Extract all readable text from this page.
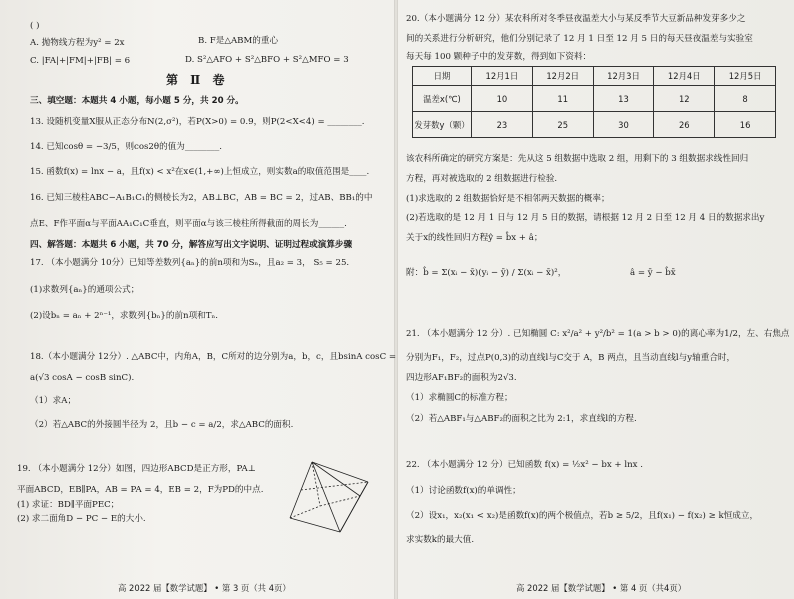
( )
A. 抛物线方程为y² = 2x	B. F是△ABM的重心
C. |FA|+|FM|+|FB| = 6	D. S²△AFO + S²△BFO + S²△MFO = 3
第 Ⅱ 卷
三、填空题：本题共 4 小题，每小题 5 分，共 20 分。
13. 设随机变量X服从正态分布N(2,σ²)，若P(X>0) = 0.9，则P(2<X<4) = ________.
14. 已知cosθ = −3/5，则cos2θ的值为________.
15. 函数f(x) = lnx − a，且f(x) < x²在x∈(1,+∞)上恒成立，则实数a的取值范围是____.
16. 已知三棱柱ABC−A₁B₁C₁的侧棱长为2，AB⊥BC，AB = BC = 2，过AB、BB₁的中
点E、F作平面α与平面AA₁C₁C垂直，则平面α与该三棱柱所得截面的周长为______.
四、解答题：本题共 6 小题，共 70 分，解答应写出文字说明、证明过程或演算步骤
17. （本小题满分 10分）已知等差数列{aₙ}的前n项和为Sₙ，且a₂ = 3， S₅ = 25.
(1)求数列{aₙ}的通项公式；
(2)设bₙ = aₙ + 2ⁿ⁻¹，求数列{bₙ}的前n项和Tₙ.
18.（本小题满分 12分）. △ABC中，内角A，B，C所对的边分别为a，b，c，且bsinA cosC =
a(√3 cosA − cosB sinC).
（1）求A；
（2）若△ABC的外接圆半径为 2，且b − c = a/2，求△ABC的面积.
19. （本小题满分 12分）如图，四边形ABCD是正方形，PA⊥
平面ABCD，EB∥PA，AB = PA = 4，EB = 2，F为PD的中点.
(1) 求证：BD∥平面PEC；
(2) 求二面角D − PC − E的大小.
高 2022 届【数学试题】 • 第 3 页（共 4页）
20.（本小题满分 12 分）某农科所对冬季昼夜温差大小与某反季节大豆新品种发芽多少之
间的关系进行分析研究，他们分别记录了 12 月 1 日至 12 月 5 日的每天昼夜温差与实验室
每天每 100 颗种子中的发芽数，得到如下资料：
日期	12月1日	12月2日	12月3日	12月4日	12月5日
温差x(℃)	10	11	13	12	8
发芽数y（颗）	23	25	30	26	16
该农科所确定的研究方案是：先从这 5 组数据中选取 2 组，用剩下的 3 组数据求线性回归
方程，再对被选取的 2 组数据进行检验.
(1)求选取的 2 组数据恰好是不相邻两天数据的概率；
(2)若选取的是 12 月 1 日与 12 月 5 日的数据，请根据 12 月 2 日至 12 月 4 日的数据求出y
关于x的线性回归方程ŷ = b̂x + â；
附：b̂ = Σ(xᵢ − x̄)(yᵢ − ȳ) / Σ(xᵢ − x̄)²，	â = ȳ − b̂x̄
21. （本小题满分 12 分）. 已知椭圆 C: x²/a² + y²/b² = 1(a > b > 0)的离心率为1/2，左、右焦点
分别为F₁，F₂，过点P(0,3)的动直线l与C交于 A，B 两点，且当动直线l与y轴重合时，
四边形AF₁BF₂的面积为2√3.
（1）求椭圆C的标准方程；
（2）若△ABF₁与△ABF₂的面积之比为 2:1，求直线l的方程.
22. （本小题满分 12 分）已知函数 f(x) = ½x² − bx + lnx .
（1）讨论函数f(x)的单调性；
（2）设x₁，x₂(x₁ < x₂)是函数f(x)的两个极值点，若b ≥ 5/2，且f(x₁) − f(x₂) ≥ k恒成立，
求实数k的最大值.
高 2022 届【数学试题】 • 第 4 页（共4页）
